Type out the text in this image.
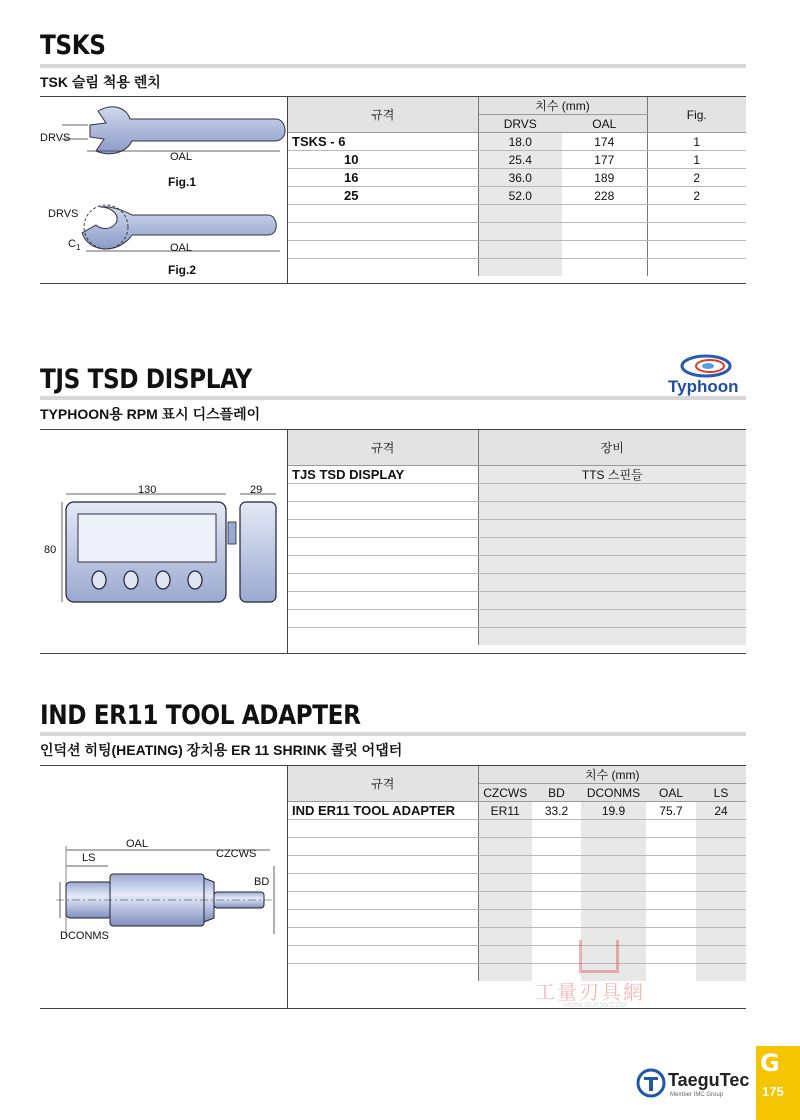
TSKS
TSK 슬림 척용 렌치
DRVS
OAL
Fig.1
DRVS
$C_1$	OAL
Fig.2
규격	치수 (mm)		Fig.
	DRVS	OAL	
TSKS - 6	18.0	174	1
10	25.4	177	1
16	36.0	189	2
25	52.0	228	2

TJS TSD DISPLAY
TYPHOON용 RPM 표시 디스플레이
Typhoon
130	29
80
규격	장비
TJS TSD DISPLAY	TTS 스핀들

IND ER11 TOOL ADAPTER
인덕션 히팅(HEATING) 장치용 ER 11 SHRINK 콜릿 어댑터
OAL
LS	CZCWS
BD
DCONMS
규격	치수 (mm)				
	CZCWS	BD	DCONMS	OAL	LS
IND ER11 TOOL ADAPTER	ER11	33.2	19.9	75.7	24

工量刃具網
WWW.GLRJW.COM
TaeguTec
Member IMC Group
G
175
